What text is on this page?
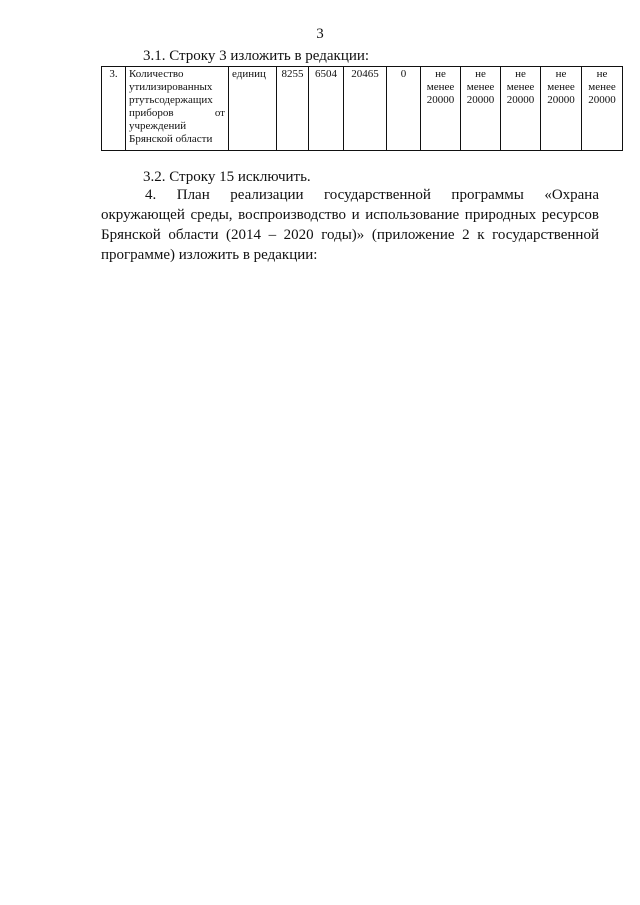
3
3.1. Строку 3 изложить в редакции:
3.	Количество утилизированных ртутьсодержащих приборов от учреждений Брянской области	единиц	8255	6504	20465	0	не менее 20000	не менее 20000	не менее 20000	не менее 20000	не менее 20000
3.2. Строку 15 исключить.
4. План реализации государственной программы «Охрана окружающей среды, воспроизводство и использование природных ресурсов Брянской области (2014 – 2020 годы)» (приложение 2 к государственной программе) изложить в редакции:
